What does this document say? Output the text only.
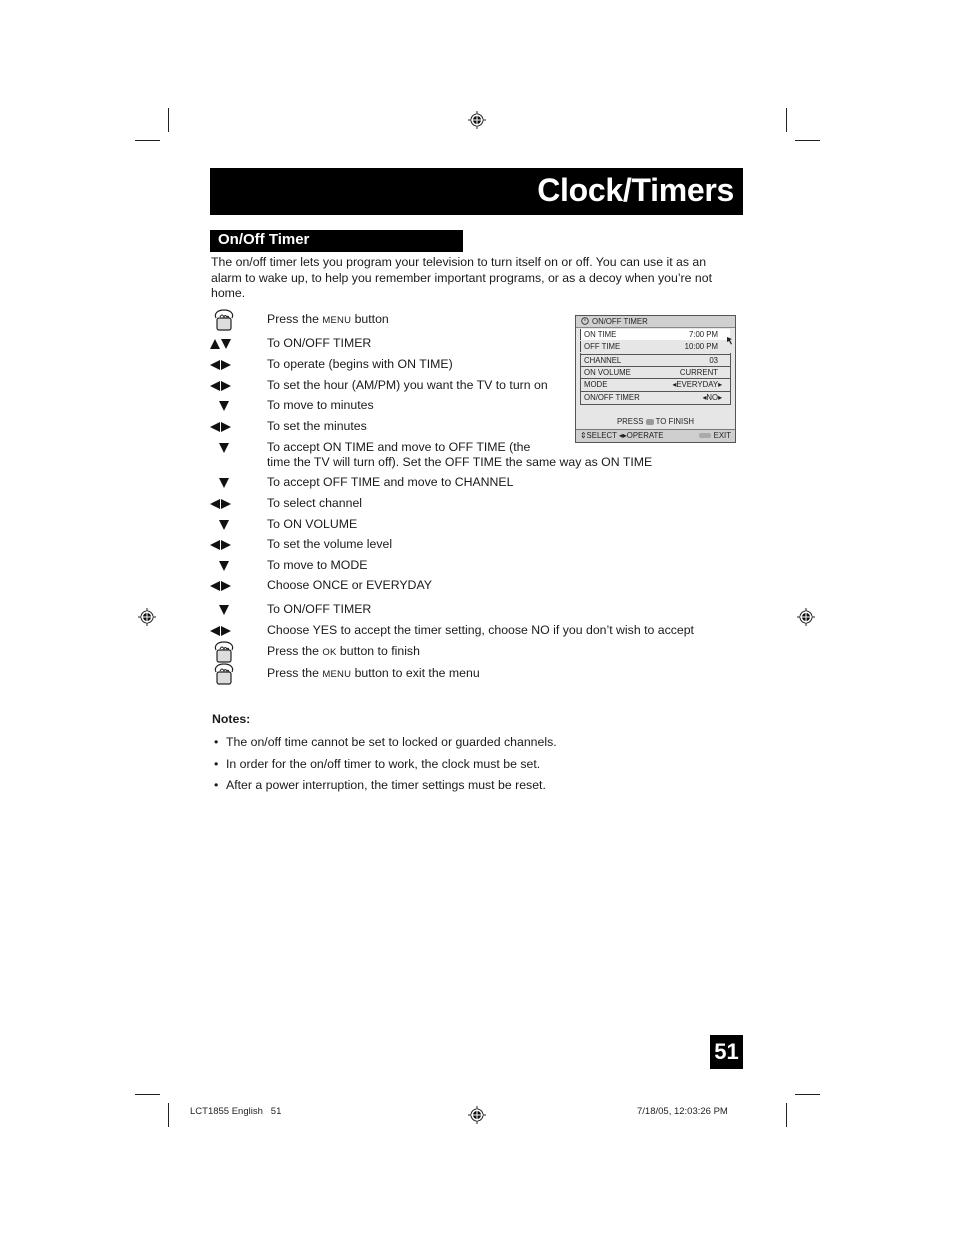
Clock/Timers
On/Off Timer
The on/off timer lets you program your television to turn itself on or off. You can use it as an alarm to wake up, to help you remember important programs, or as a decoy when you’re not home.
Press the MENU button
To ON/OFF TIMER
To operate (begins with ON TIME)
To set the hour (AM/PM) you want the TV to turn on
To move to minutes
To set the minutes
To accept ON TIME and move to OFF TIME (the
time the TV will turn off). Set the OFF TIME the same way as ON TIME
To accept OFF TIME and move to CHANNEL
To select channel
To ON VOLUME
To set the volume level
To move to MODE
Choose ONCE or EVERYDAY
To ON/OFF TIMER
Choose YES to accept the timer setting, choose NO if you don’t wish to accept
Press the OK button to finish
Press the MENU button to exit the menu
ON/OFF TIMER
ON TIME	7:00 PM
OFF TIME	10:00 PM
CHANNEL	03
ON VOLUME	CURRENT
MODE	◂EVERYDAY▸
ON/OFF TIMER	◂NO▸
PRESS TO FINISH
⇕SELECT ◂▸OPERATE	EXIT
Notes:
• The on/off time cannot be set to locked or guarded channels.
• In order for the on/off timer to work, the clock must be set.
• After a power interruption, the timer settings must be reset.
51
LCT1855 English   51	7/18/05, 12:03:26 PM
